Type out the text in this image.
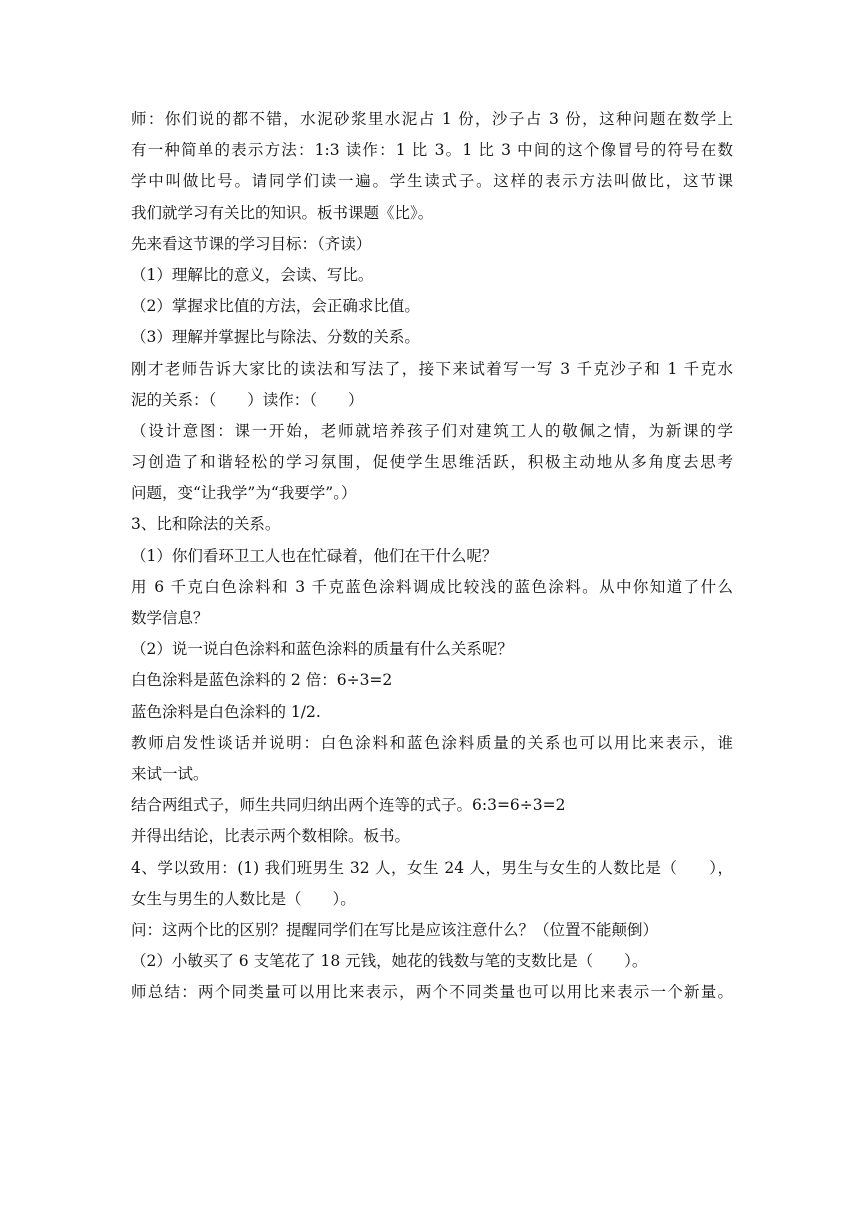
师：你们说的都不错，水泥砂浆里水泥占 1 份，沙子占 3 份，这种问题在数学上
有一种简单的表示方法：1:3 读作：1 比 3。1 比 3 中间的这个像冒号的符号在数
学中叫做比号。请同学们读一遍。学生读式子。这样的表示方法叫做比，这节课
我们就学习有关比的知识。板书课题《比》。
先来看这节课的学习目标：（齐读）
（1）理解比的意义，会读、写比。
（2）掌握求比值的方法，会正确求比值。
（3）理解并掌握比与除法、分数的关系。
刚才老师告诉大家比的读法和写法了，接下来试着写一写 3 千克沙子和 1 千克水
泥的关系：（　　）读作：（　　）
（设计意图：课一开始，老师就培养孩子们对建筑工人的敬佩之情，为新课的学
习创造了和谐轻松的学习氛围，促使学生思维活跃，积极主动地从多角度去思考
问题，变“让我学”为“我要学”。）
3、比和除法的关系。
（1）你们看环卫工人也在忙碌着，他们在干什么呢？
用 6 千克白色涂料和 3 千克蓝色涂料调成比较浅的蓝色涂料。从中你知道了什么
数学信息？
（2）说一说白色涂料和蓝色涂料的质量有什么关系呢？
白色涂料是蓝色涂料的 2 倍：6÷3=2
蓝色涂料是白色涂料的 1/2.
教师启发性谈话并说明：白色涂料和蓝色涂料质量的关系也可以用比来表示，谁
来试一试。
结合两组式子，师生共同归纳出两个连等的式子。6:3=6÷3=2
并得出结论，比表示两个数相除。板书。
4、学以致用：(1) 我们班男生 32 人，女生 24 人，男生与女生的人数比是（　　），
女生与男生的人数比是（　　）。
问：这两个比的区别？提醒同学们在写比是应该注意什么？（位置不能颠倒）
（2）小敏买了 6 支笔花了 18 元钱，她花的钱数与笔的支数比是（　　）。
师总结：两个同类量可以用比来表示，两个不同类量也可以用比来表示一个新量。
